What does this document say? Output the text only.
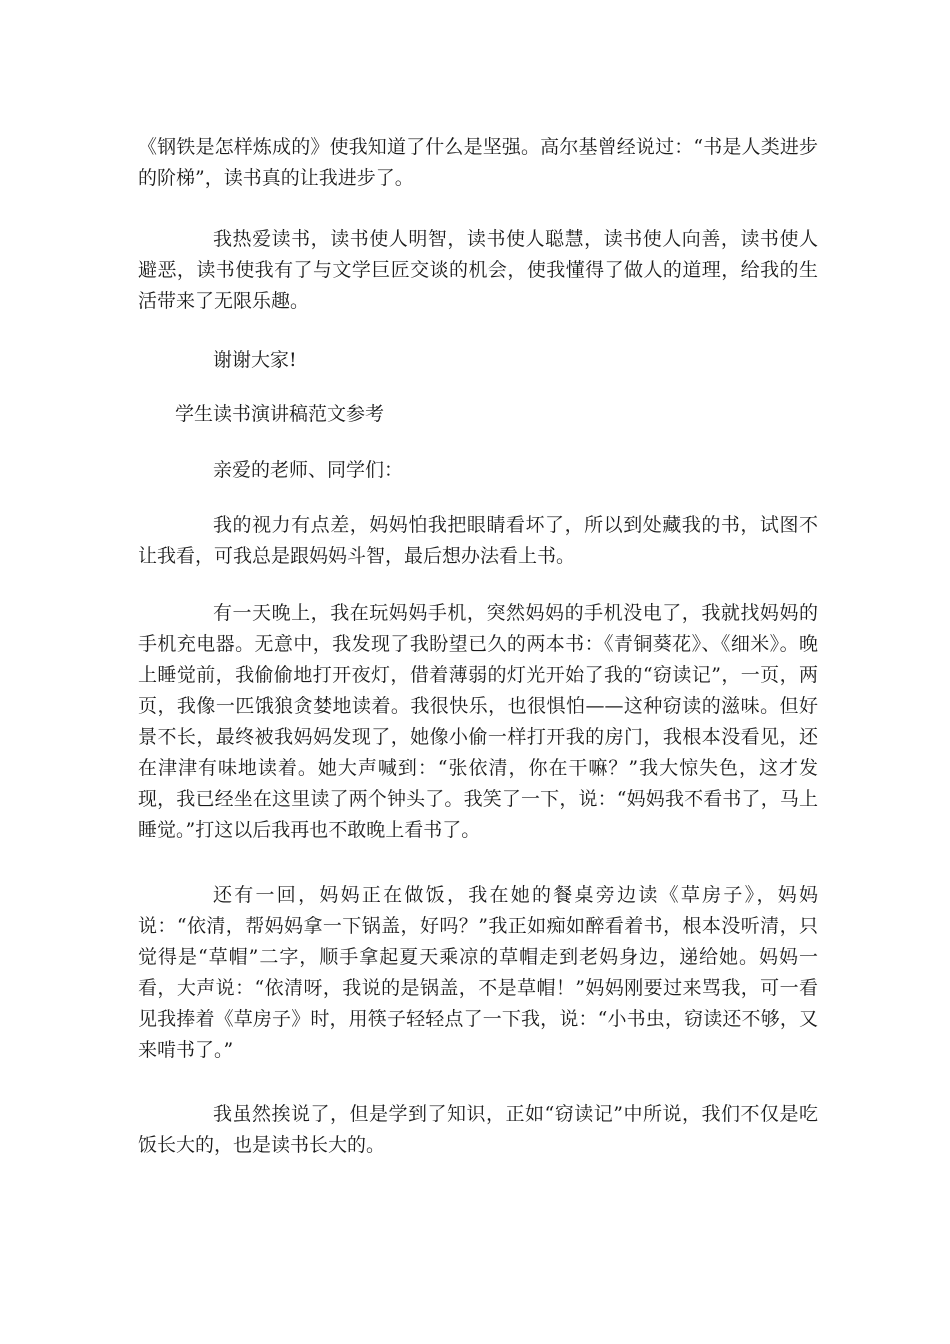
《钢铁是怎样炼成的》使我知道了什么是坚强。高尔基曾经说过：“书是人类进步的阶梯”，读书真的让我进步了。

我热爱读书，读书使人明智，读书使人聪慧，读书使人向善，读书使人避恶，读书使我有了与文学巨匠交谈的机会，使我懂得了做人的道理，给我的生活带来了无限乐趣。

谢谢大家!

学生读书演讲稿范文参考

亲爱的老师、同学们：

我的视力有点差，妈妈怕我把眼睛看坏了，所以到处藏我的书，试图不让我看，可我总是跟妈妈斗智，最后想办法看上书。

有一天晚上，我在玩妈妈手机，突然妈妈的手机没电了，我就找妈妈的手机充电器。无意中，我发现了我盼望已久的两本书：《青铜葵花》、《细米》。晚上睡觉前，我偷偷地打开夜灯，借着薄弱的灯光开始了我的“窃读记”，一页，两页，我像一匹饿狼贪婪地读着。我很快乐，也很惧怕——这种窃读的滋味。但好景不长，最终被我妈妈发现了，她像小偷一样打开我的房门，我根本没看见，还在津津有味地读着。她大声喊到：“张依清，你在干嘛？”我大惊失色，这才发现，我已经坐在这里读了两个钟头了。我笑了一下，说：“妈妈我不看书了，马上睡觉。”打这以后我再也不敢晚上看书了。

还有一回，妈妈正在做饭，我在她的餐桌旁边读《草房子》，妈妈说：“依清，帮妈妈拿一下锅盖，好吗？”我正如痴如醉看着书，根本没听清，只觉得是“草帽”二字，顺手拿起夏天乘凉的草帽走到老妈身边，递给她。妈妈一看，大声说：“依清呀，我说的是锅盖，不是草帽！”妈妈刚要过来骂我，可一看见我捧着《草房子》时，用筷子轻轻点了一下我，说：“小书虫，窃读还不够，又来啃书了。”

我虽然挨说了，但是学到了知识，正如“窃读记”中所说，我们不仅是吃饭长大的，也是读书长大的。
